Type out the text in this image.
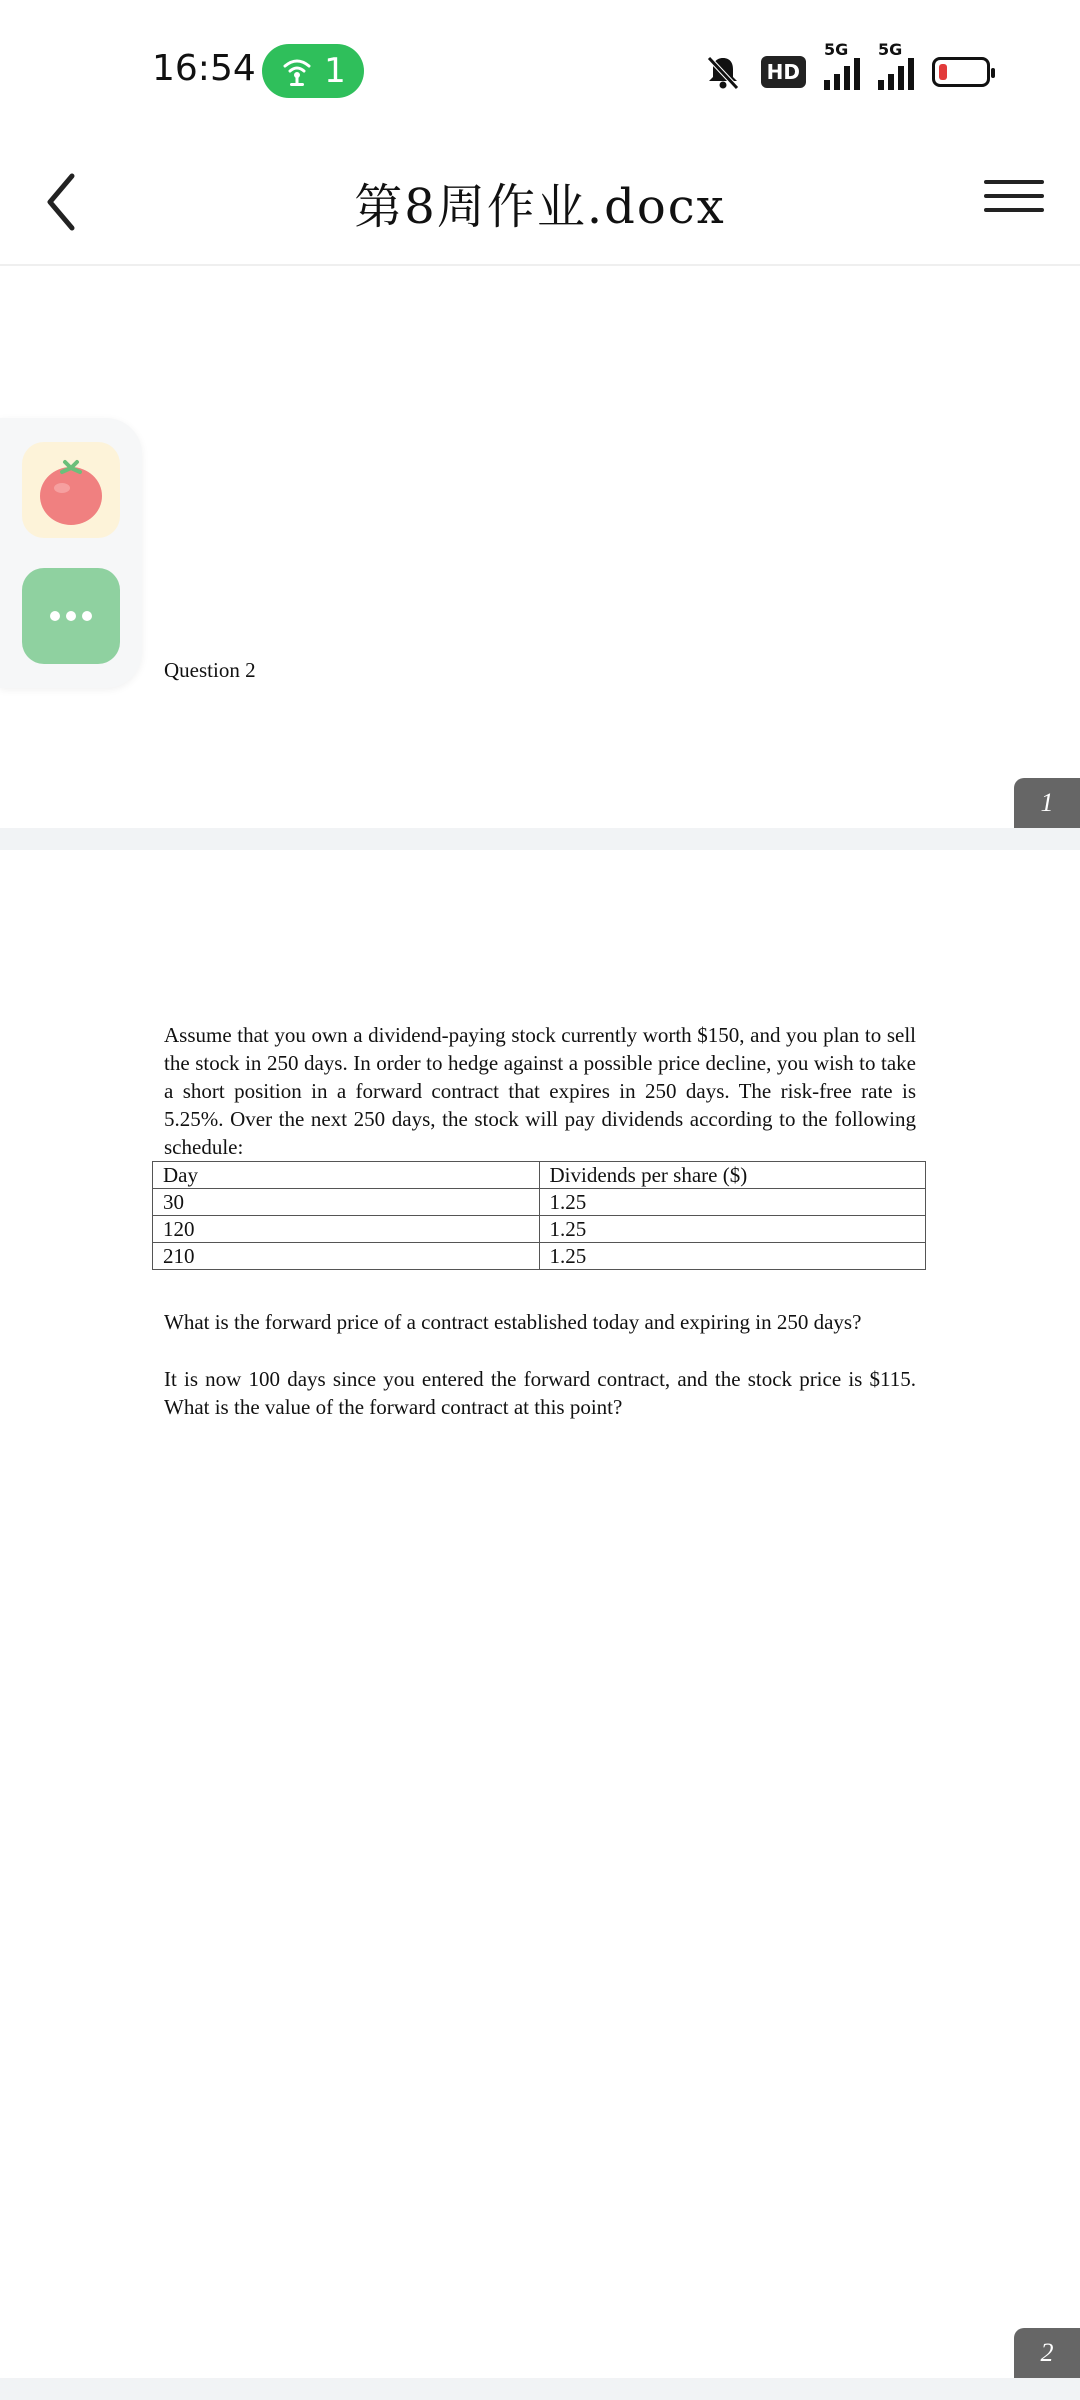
16:54 1	HD
5G 5G
第8周作业.docx
Question 2
1
Assume that you own a dividend-paying stock currently worth $150, and you plan to sell the stock in 250 days. In order to hedge against a possible price decline, you wish to take a short position in a forward contract that expires in 250 days. The risk-free rate is 5.25%. Over the next 250 days, the stock will pay dividends according to the following schedule:
Day	Dividends per share ($)
30	1.25
120	1.25
210	1.25
What is the forward price of a contract established today and expiring in 250 days?
It is now 100 days since you entered the forward contract, and the stock price is $115. What is the value of the forward contract at this point?
2
